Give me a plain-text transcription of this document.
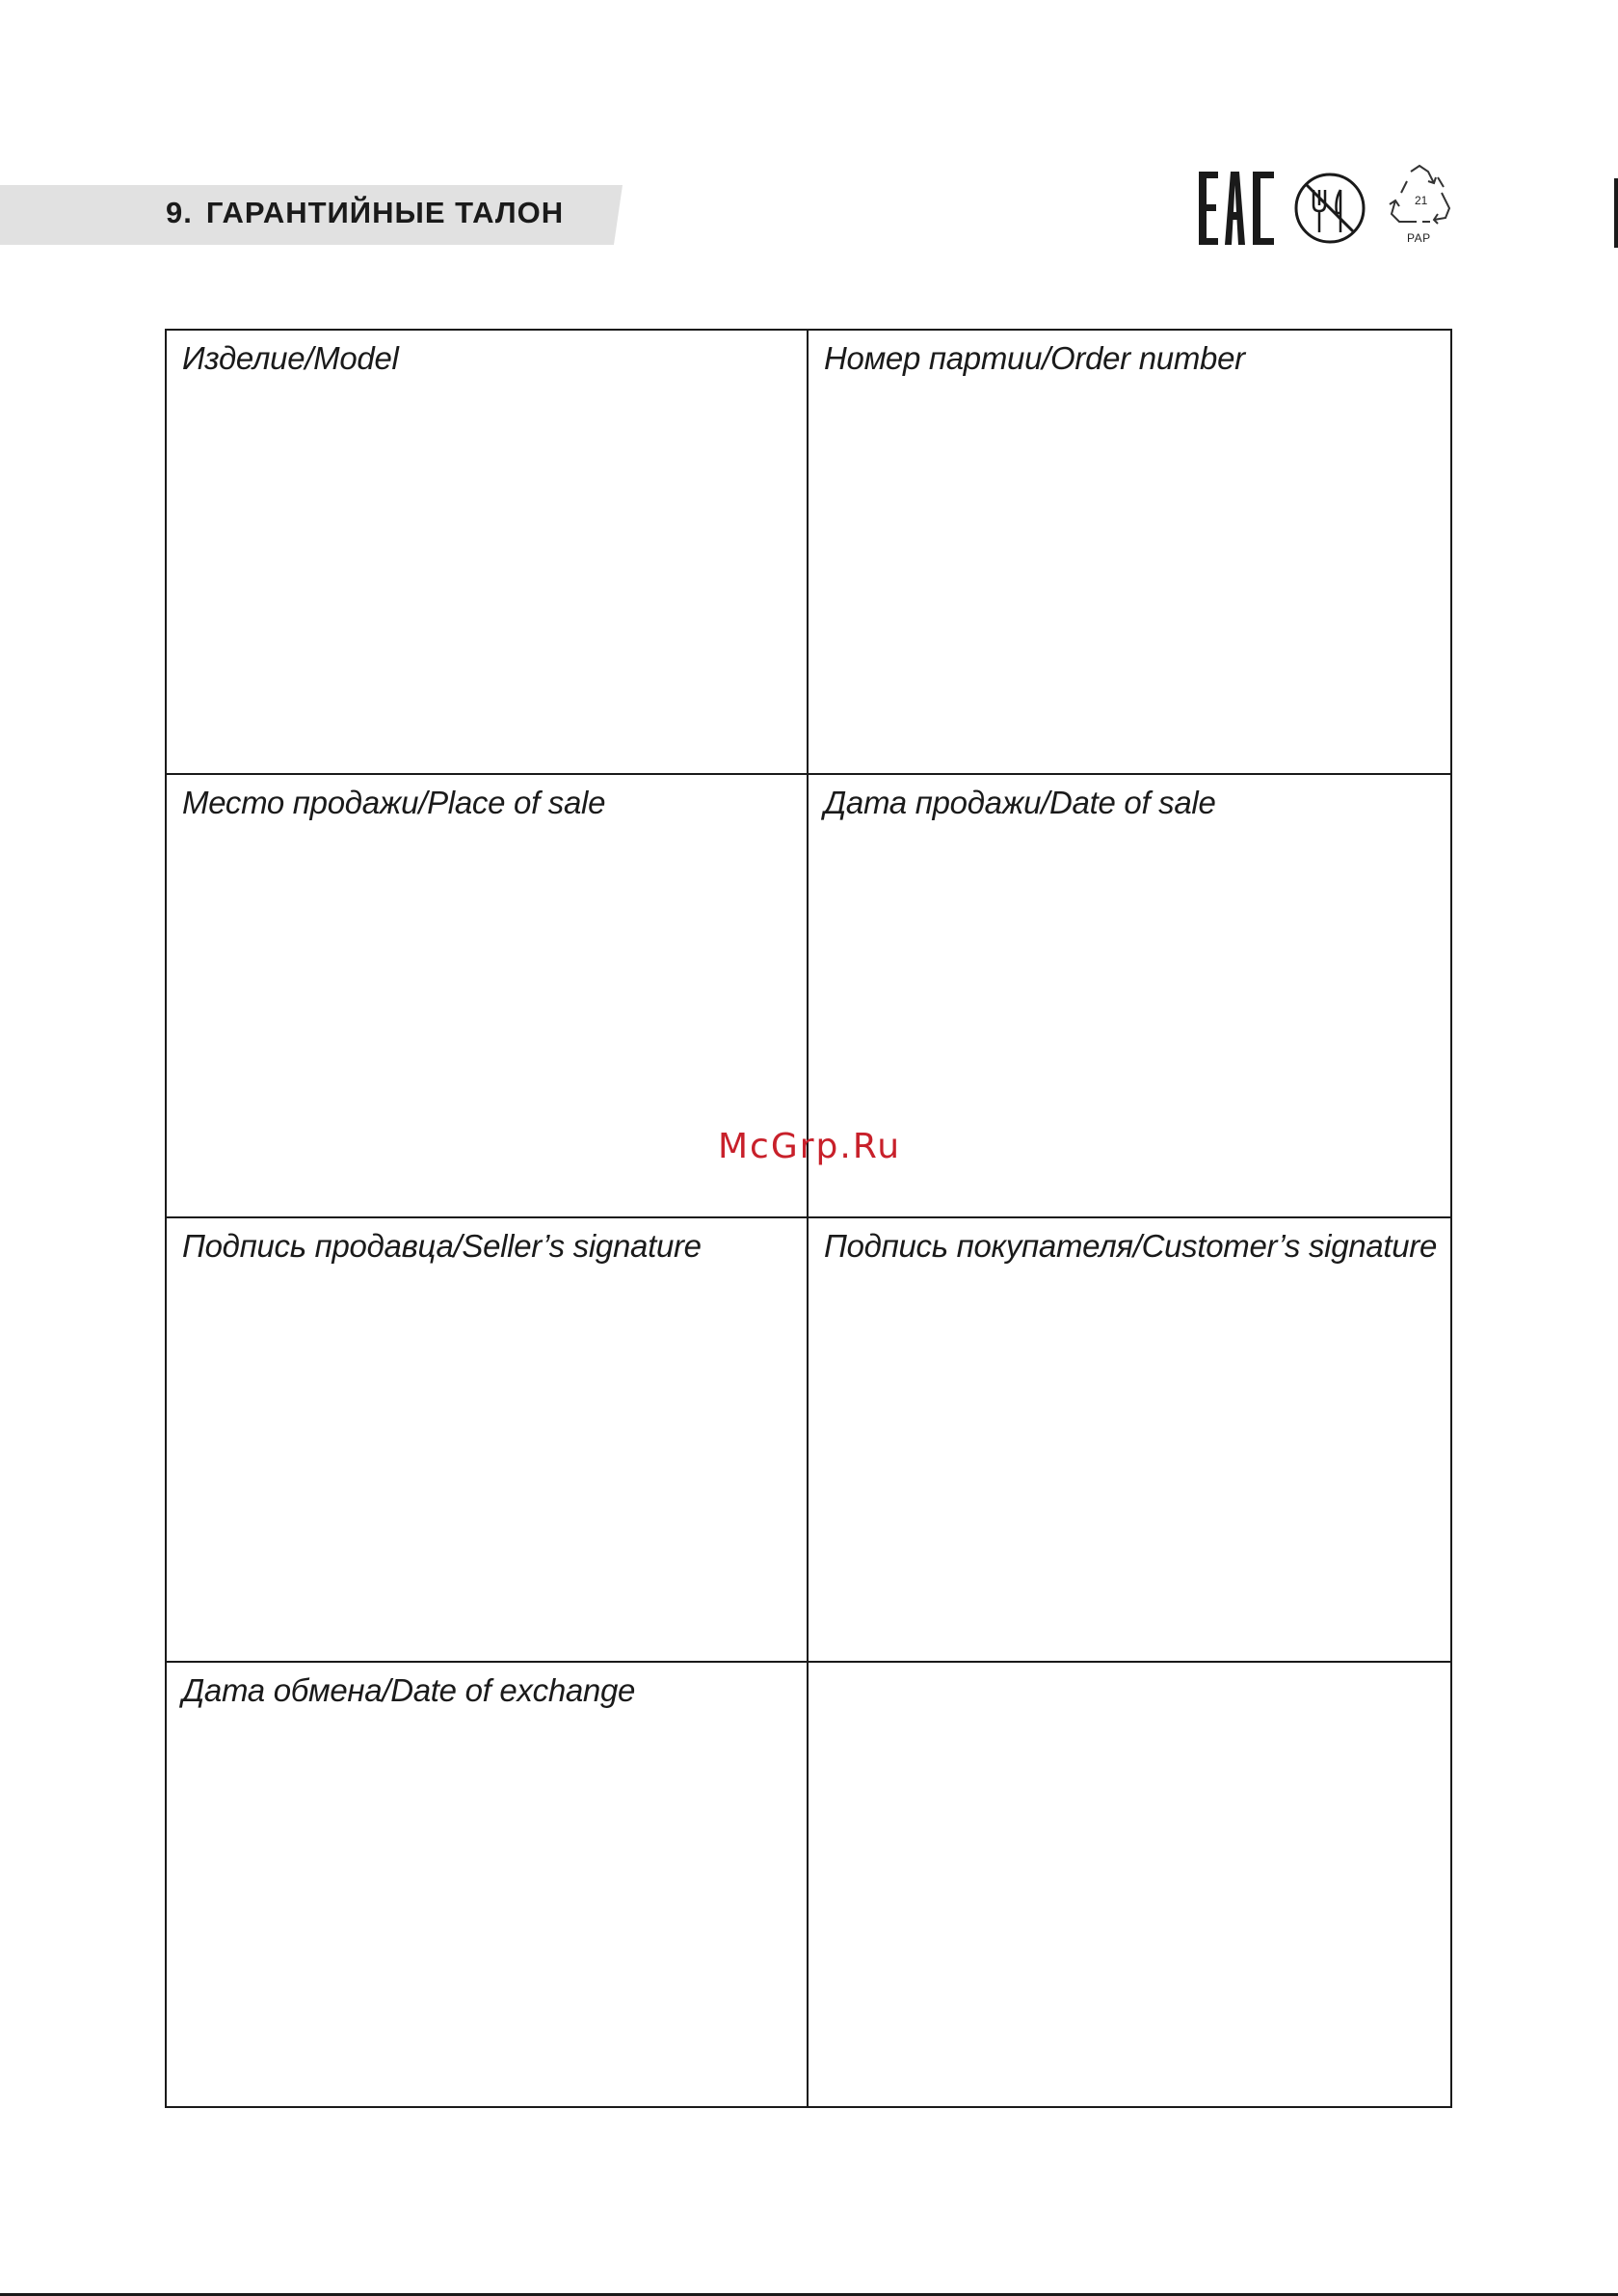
9. ГАРАНТИЙНЫЕ ТАЛОН	21
PAP
Изделие/Model	Номер партии/Order number
Место продажи/Place of sale	Дата продажи/Date of sale
Подпись продавца/Seller’s signature	Подпись покупателя/Customer’s signature
Дата обмена/Date of exchange
McGrp.Ru
